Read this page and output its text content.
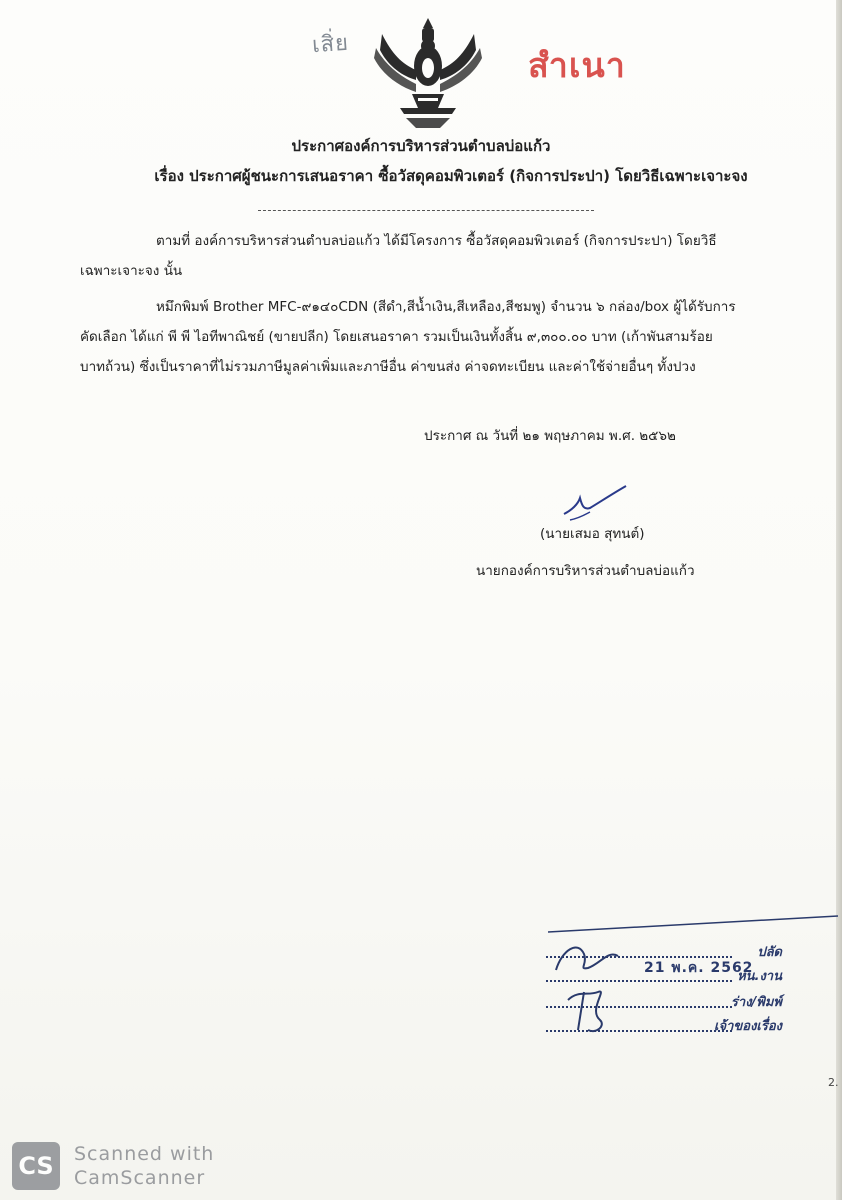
เสิ่ย
สำเนา
ประกาศองค์การบริหารส่วนตำบลบ่อแก้ว
เรื่อง ประกาศผู้ชนะการเสนอราคา ซื้อวัสดุคอมพิวเตอร์ (กิจการประปา) โดยวิธีเฉพาะเจาะจง
ตามที่ องค์การบริหารส่วนตำบลบ่อแก้ว ได้มีโครงการ ซื้อวัสดุคอมพิวเตอร์ (กิจการประปา) โดยวิธี
เฉพาะเจาะจง นั้น
หมึกพิมพ์ Brother MFC-๙๑๔๐CDN (สีดำ,สีน้ำเงิน,สีเหลือง,สีชมพู) จำนวน ๖ กล่อง/box ผู้ได้รับการ
คัดเลือก ได้แก่ พี พี ไอทีพาณิชย์ (ขายปลีก) โดยเสนอราคา รวมเป็นเงินทั้งสิ้น ๙,๓๐๐.๐๐ บาท (เก้าพันสามร้อย
บาทถ้วน) ซึ่งเป็นราคาที่ไม่รวมภาษีมูลค่าเพิ่มและภาษีอื่น ค่าขนส่ง ค่าจดทะเบียน และค่าใช้จ่ายอื่นๆ ทั้งปวง
ประกาศ ณ วันที่ ๒๑ พฤษภาคม พ.ศ. ๒๕๖๒
(นายเสมอ สุทนต์)
นายกองค์การบริหารส่วนตำบลบ่อแก้ว
ปลัด
หน.งาน
ร่าง/พิมพ์
เจ้าของเรื่อง
21 พ.ค. 2562
2.
CS	Scanned with
CamScanner
